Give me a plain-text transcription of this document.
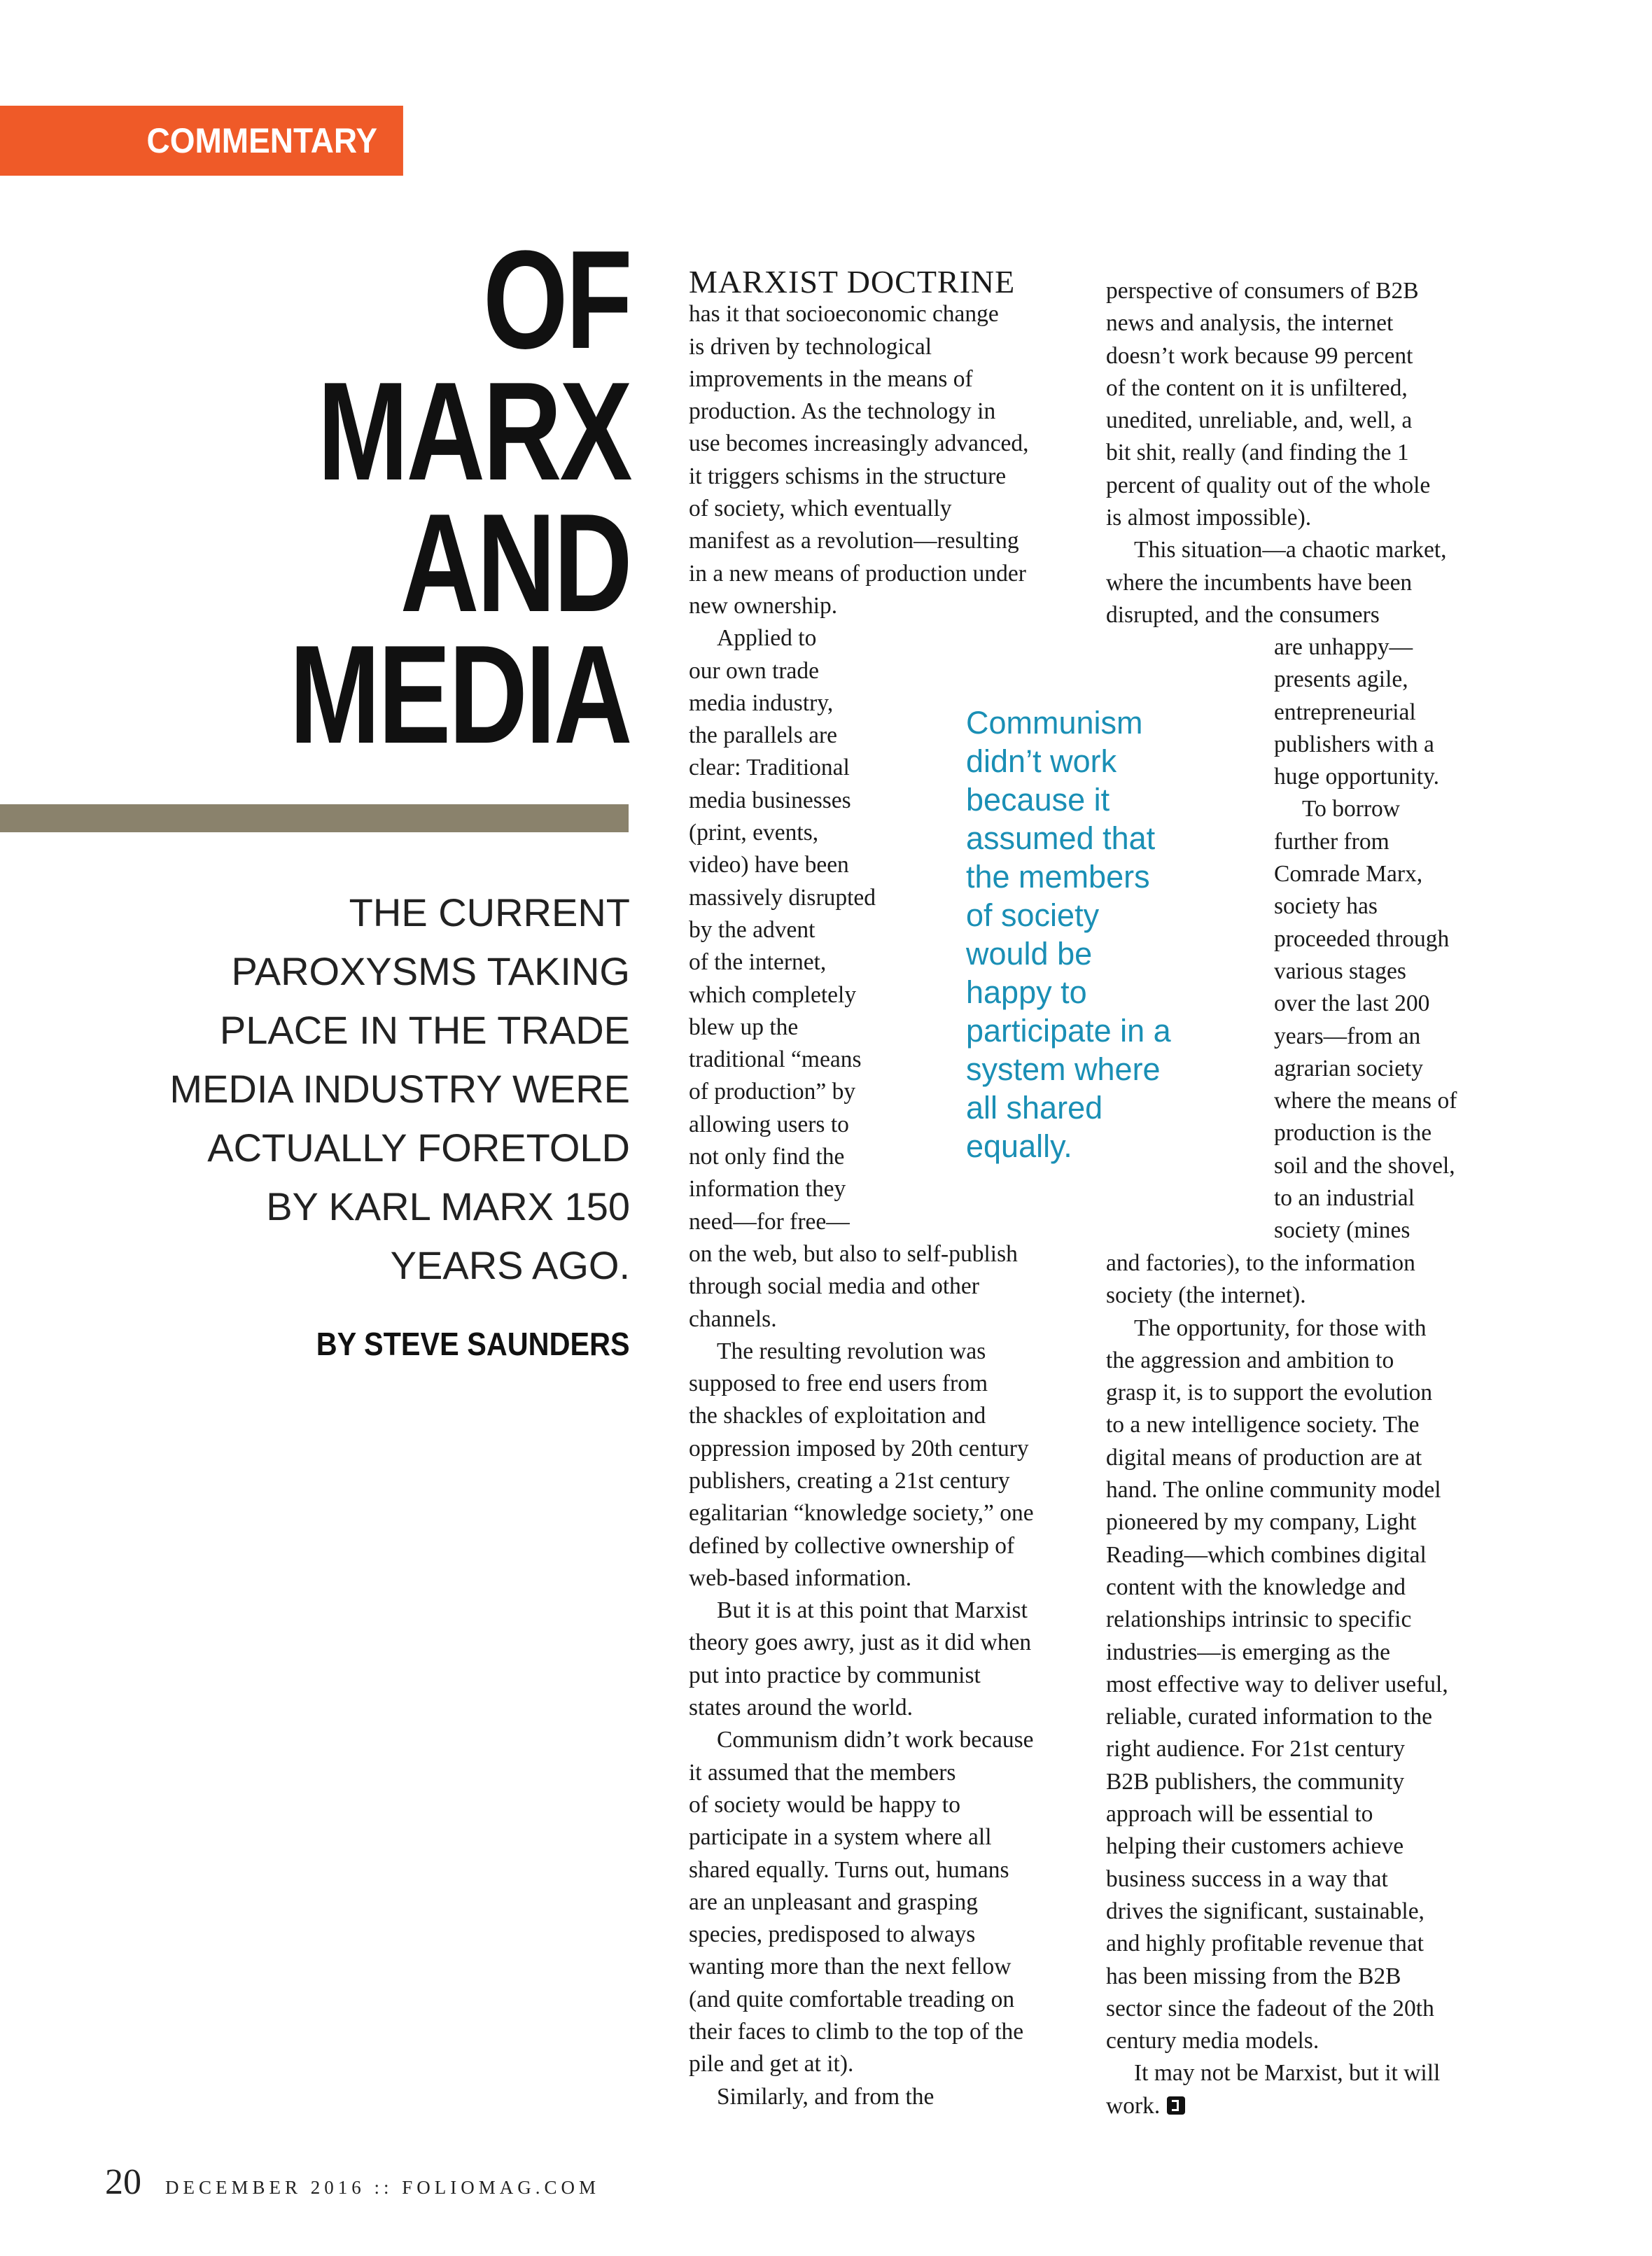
COMMENTARY
OF
MARX
AND
MEDIA
THE CURRENT
PAROXYSMS TAKING
PLACE IN THE TRADE
MEDIA INDUSTRY WERE
ACTUALLY FORETOLD
BY KARL MARX 150
YEARS AGO.
BY STEVE SAUNDERS
MARXIST DOCTRINE
has it that socioeconomic change
is driven by technological
improvements in the means of
production. As the technology in
use becomes increasingly advanced,
it triggers schisms in the structure
of society, which eventually
manifest as a revolution—resulting
in a new means of production under
new ownership.
Applied to
our own trade
media industry,
the parallels are
clear: Traditional
media businesses
(print, events,
video) have been
massively disrupted
by the advent
of the internet,
which completely
blew up the
traditional “means
of production” by
allowing users to
not only find the
information they
need—for free—
on the web, but also to self-publish
through social media and other
channels.
The resulting revolution was
supposed to free end users from
the shackles of exploitation and
oppression imposed by 20th century
publishers, creating a 21st century
egalitarian “knowledge society,” one
defined by collective ownership of
web-based information.
But it is at this point that Marxist
theory goes awry, just as it did when
put into practice by communist
states around the world.
Communism didn’t work because
it assumed that the members
of society would be happy to
participate in a system where all
shared equally. Turns out, humans
are an unpleasant and grasping
species, predisposed to always
wanting more than the next fellow
(and quite comfortable treading on
their faces to climb to the top of the
pile and get at it).
Similarly, and from the
Communism
didn’t work
because it
assumed that
the members
of society
would be
happy to
participate in a
system where
all shared
equally.
perspective of consumers of B2B
news and analysis, the internet
doesn’t work because 99 percent
of the content on it is unfiltered,
unedited, unreliable, and, well, a
bit shit, really (and finding the 1
percent of quality out of the whole
is almost impossible).
This situation—a chaotic market,
where the incumbents have been
disrupted, and the consumers
are unhappy—
presents agile,
entrepreneurial
publishers with a
huge opportunity.
To borrow
further from
Comrade Marx,
society has
proceeded through
various stages
over the last 200
years—from an
agrarian society
where the means of
production is the
soil and the shovel,
to an industrial
society (mines
and factories), to the information
society (the internet).
The opportunity, for those with
the aggression and ambition to
grasp it, is to support the evolution
to a new intelligence society. The
digital means of production are at
hand. The online community model
pioneered by my company, Light
Reading—which combines digital
content with the knowledge and
relationships intrinsic to specific
industries—is emerging as the
most effective way to deliver useful,
reliable, curated information to the
right audience. For 21st century
B2B publishers, the community
approach will be essential to
helping their customers achieve
business success in a way that
drives the significant, sustainable,
and highly profitable revenue that
has been missing from the B2B
sector since the fadeout of the 20th
century media models.
It may not be Marxist, but it will
work.
20 DECEMBER 2016 :: FOLIOMAG.COM
